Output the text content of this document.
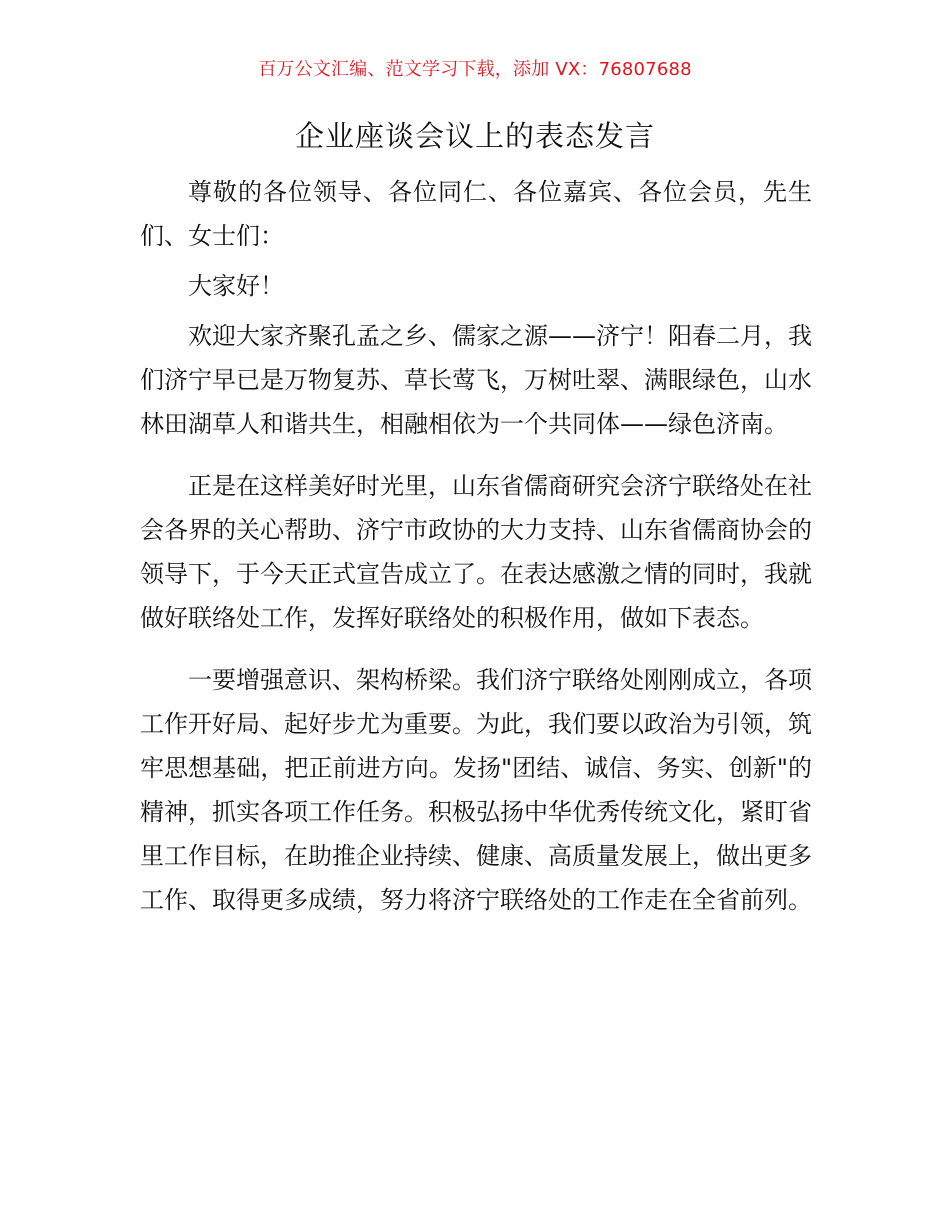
百万公文汇编、范文学习下载，添加 VX：76807688
企业座谈会议上的表态发言

尊敬的各位领导、各位同仁、各位嘉宾、各位会员，先生们、女士们：

大家好！

欢迎大家齐聚孔孟之乡、儒家之源——济宁！阳春二月，我们济宁早已是万物复苏、草长莺飞，万树吐翠、满眼绿色，山水林田湖草人和谐共生，相融相依为一个共同体——绿色济南。

正是在这样美好时光里，山东省儒商研究会济宁联络处在社会各界的关心帮助、济宁市政协的大力支持、山东省儒商协会的领导下，于今天正式宣告成立了。在表达感激之情的同时，我就做好联络处工作，发挥好联络处的积极作用，做如下表态。

一要增强意识、架构桥梁。我们济宁联络处刚刚成立，各项工作开好局、起好步尤为重要。为此，我们要以政治为引领，筑牢思想基础，把正前进方向。发扬"团结、诚信、务实、创新"的精神，抓实各项工作任务。积极弘扬中华优秀传统文化，紧盯省里工作目标，在助推企业持续、健康、高质量发展上，做出更多工作、取得更多成绩，努力将济宁联络处的工作走在全省前列。
